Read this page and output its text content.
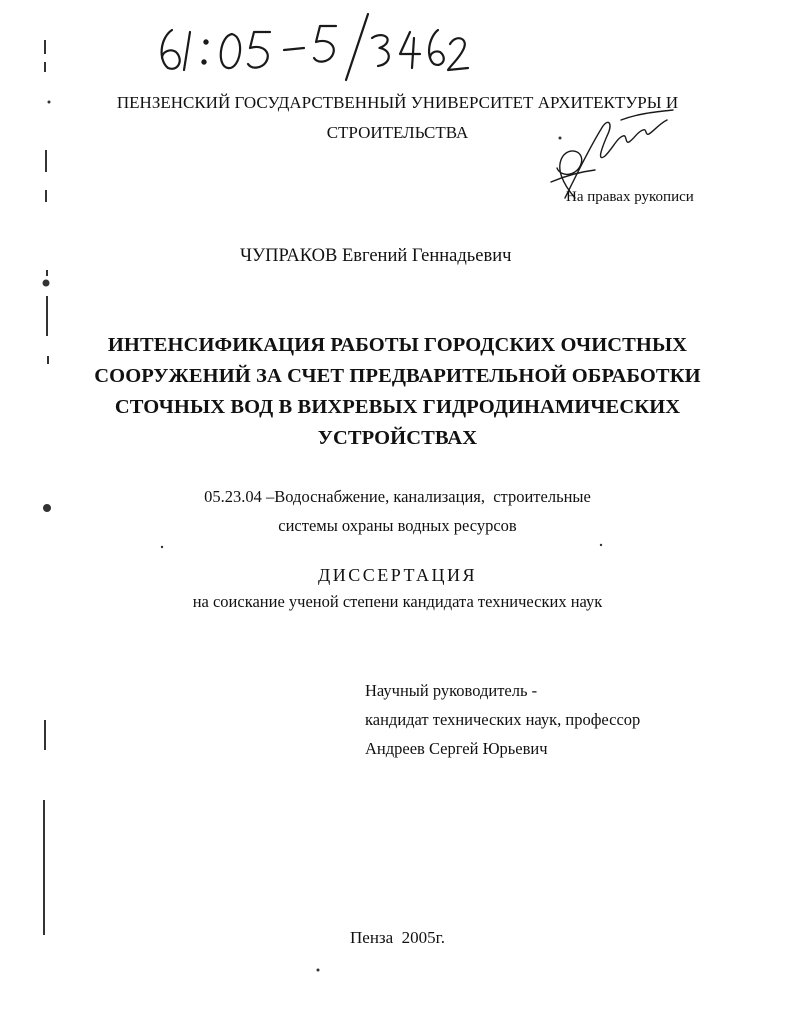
ПЕНЗЕНСКИЙ ГОСУДАРСТВЕННЫЙ УНИВЕРСИТЕТ АРХИТЕКТУРЫ И
СТРОИТЕЛЬСТВА
На правах рукописи
ЧУПРАКОВ Евгений Геннадьевич
ИНТЕНСИФИКАЦИЯ РАБОТЫ ГОРОДСКИХ ОЧИСТНЫХ
СООРУЖЕНИЙ ЗА СЧЕТ ПРЕДВАРИТЕЛЬНОЙ ОБРАБОТКИ
СТОЧНЫХ ВОД В ВИХРЕВЫХ ГИДРОДИНАМИЧЕСКИХ
УСТРОЙСТВАХ
05.23.04 –Водоснабжение, канализация,  строительные
системы охраны водных ресурсов
ДИССЕРТАЦИЯ
на соискание ученой степени кандидата технических наук
Научный руководитель -
кандидат технических наук, профессор
Андреев Сергей Юрьевич
Пенза  2005г.
